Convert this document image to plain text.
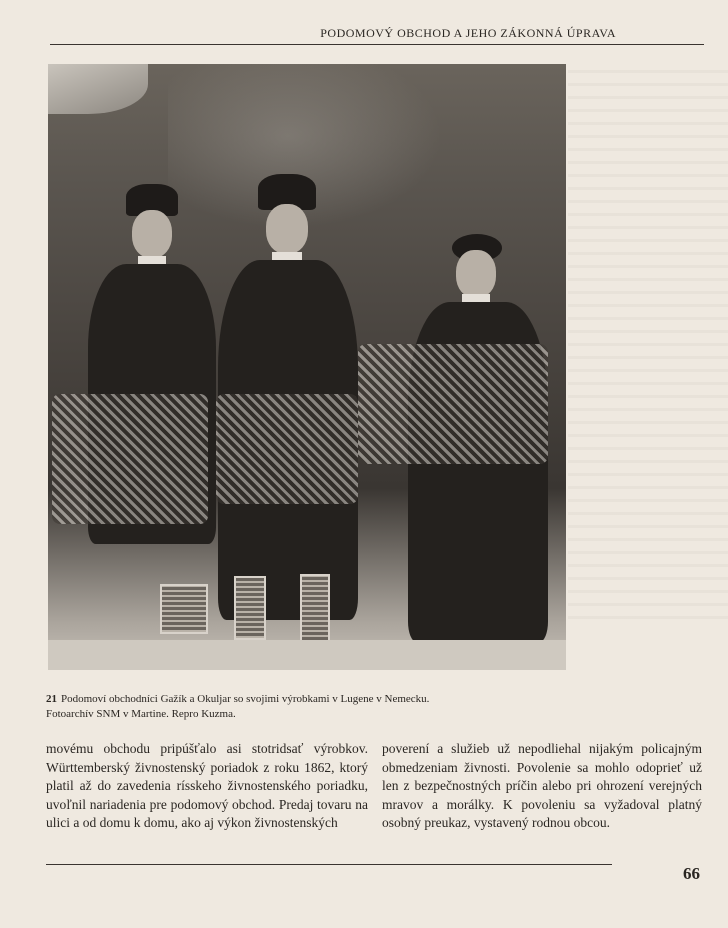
PODOMOVÝ OBCHOD A JEHO ZÁKONNÁ ÚPRAVA
21 Podomoví obchodníci Gažík a Okuljar so svojimi výrobkami v Lugene v Nemecku.
Fotoarchív SNM v Martine. Repro Kuzma.

movému obchodu pripúšťalo asi stotridsať výrobkov. Württemberský živnostenský poriadok z roku 1862, ktorý platil až do zavedenia rísskeho živnostenského poriadku, uvoľnil nariadenia pre podomový obchod. Predaj tovaru na ulici a od domu k domu, ako aj výkon živnostenských

poverení a služieb už nepodliehal nijakým policajným obmedzeniam živnosti. Povolenie sa mohlo odoprieť už len z bezpečnostných príčin alebo pri ohrození verejných mravov a morálky. K povoleniu sa vyžadoval platný osobný preukaz, vystavený rodnou obcou.

66
